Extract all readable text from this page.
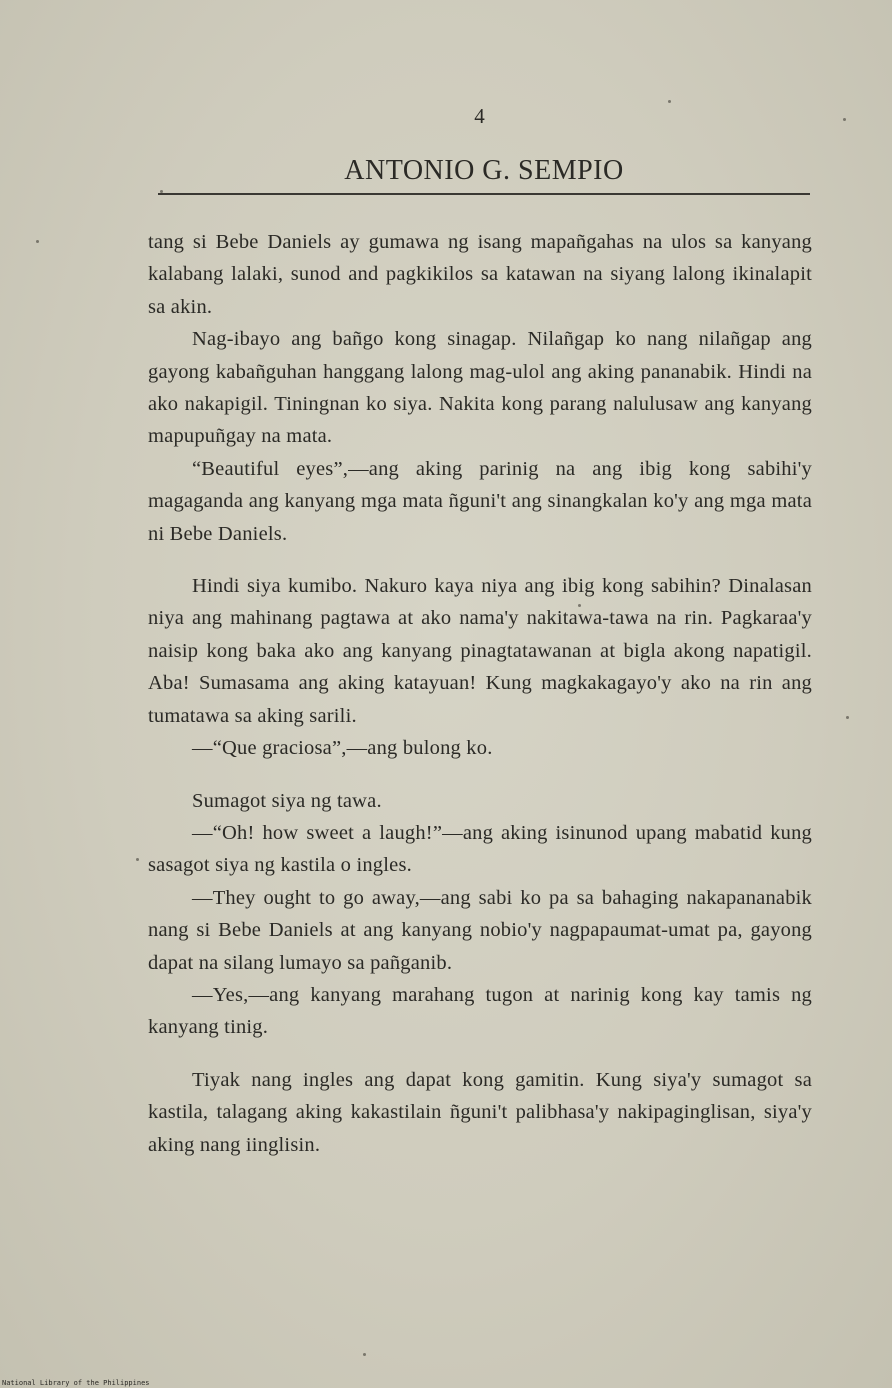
4
ANTONIO G. SEMPIO

tang si Bebe Daniels ay gumawa ng isang mapañgahas na ulos sa kanyang kalabang lalaki, sunod and pagkikilos sa katawan na siyang lalong ikinalapit sa akin.

Nag-ibayo ang bañgo kong sinagap. Nilañgap ko nang nilañgap ang gayong kabañguhan hanggang lalong mag-ulol ang aking pananabik. Hindi na ako nakapigil. Tiningnan ko siya. Nakita kong parang nalulusaw ang kanyang mapupuñgay na mata.

“Beautiful eyes”,—ang aking parinig na ang ibig kong sabihi'y magaganda ang kanyang mga mata ñguni't ang sinangkalan ko'y ang mga mata ni Bebe Daniels.

Hindi siya kumibo. Nakuro kaya niya ang ibig kong sabihin? Dinalasan niya ang mahinang pagtawa at ako nama'y nakitawa-tawa na rin. Pagkaraa'y naisip kong baka ako ang kanyang pinagtatawanan at bigla akong napatigil. Aba! Sumasama ang aking katayuan! Kung magkakagayo'y ako na rin ang tumatawa sa aking sarili.

—“Que graciosa”,—ang bulong ko.

Sumagot siya ng tawa.

—“Oh! how sweet a laugh!”—ang aking isinunod upang mabatid kung sasagot siya ng kastila o ingles.

—They ought to go away,—ang sabi ko pa sa bahaging nakapananabik nang si Bebe Daniels at ang kanyang nobio'y nagpapaumat-umat pa, gayong dapat na silang lumayo sa pañganib.

—Yes,—ang kanyang marahang tugon at narinig kong kay tamis ng kanyang tinig.

Tiyak nang ingles ang dapat kong gamitin. Kung siya'y sumagot sa kastila, talagang aking kakastilain ñguni't palibhasa'y nakipaginglisan, siya'y aking nang iinglisin.

National Library of the Philippines
